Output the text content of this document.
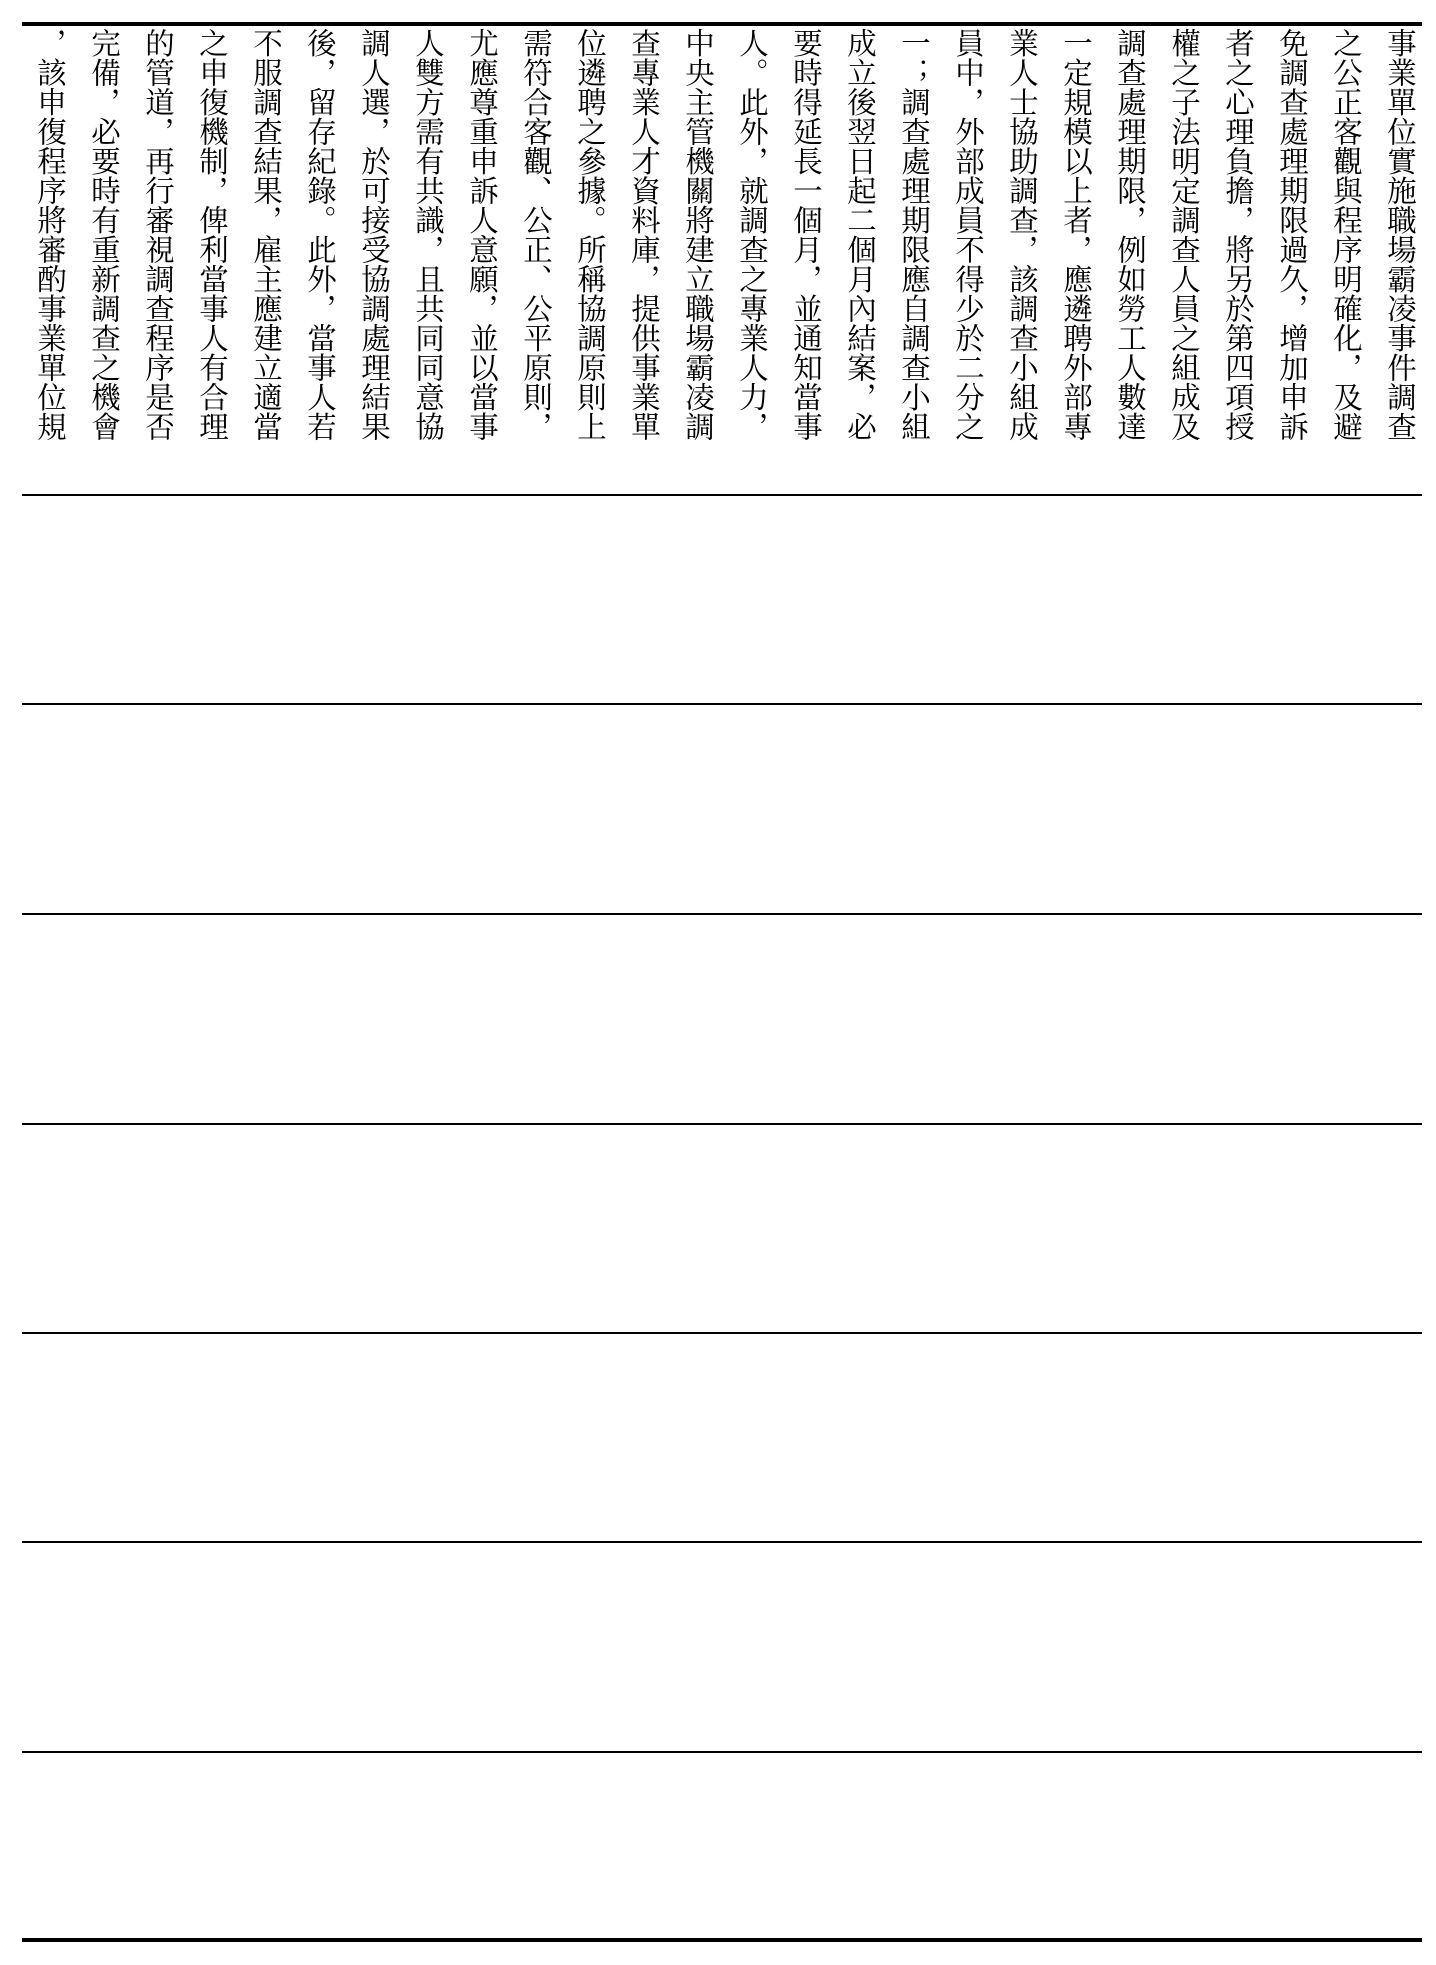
事業單位實施職場霸凌事件調查
之公正客觀與程序明確化，及避
免調查處理期限過久，增加申訴
者之心理負擔，將另於第四項授
權之子法明定調查人員之組成及
調查處理期限，例如勞工人數達
一定規模以上者，應遴聘外部專
業人士協助調查，該調查小組成
員中，外部成員不得少於二分之
一；調查處理期限應自調查小組
成立後翌日起二個月內結案，必
要時得延長一個月，並通知當事
人。此外，就調查之專業人力，
中央主管機關將建立職場霸凌調
查專業人才資料庫，提供事業單
位遴聘之參據。所稱協調原則上
需符合客觀、公正、公平原則，
尤應尊重申訴人意願，並以當事
人雙方需有共識，且共同同意協
調人選，於可接受協調處理結果
後，留存紀錄。此外，當事人若
不服調查結果，雇主應建立適當
之申復機制，俾利當事人有合理
的管道，再行審視調查程序是否
完備，必要時有重新調查之機會
，該申復程序將審酌事業單位規
